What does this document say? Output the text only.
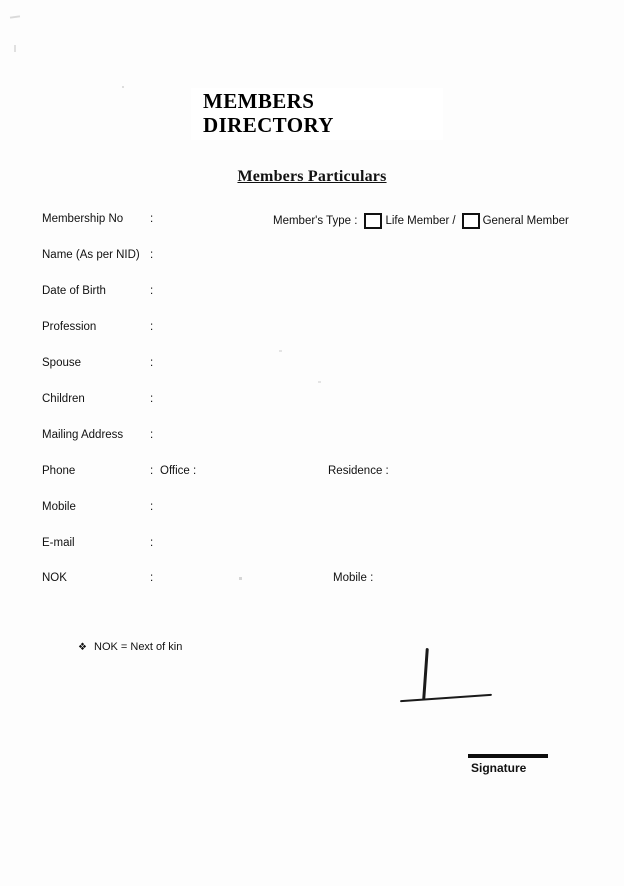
MEMBERS DIRECTORY
Members Particulars
Member's Type : Life Member / General Member
Membership No :
Name (As per NID) :
Date of Birth	:
Profession	:
Spouse	:
Children	:
Mailing Address :
Phone	: Office :	Residence :
Mobile	:
E-mail	:
NOK	:	Mobile :
❖ NOK = Next of kin
Signature
